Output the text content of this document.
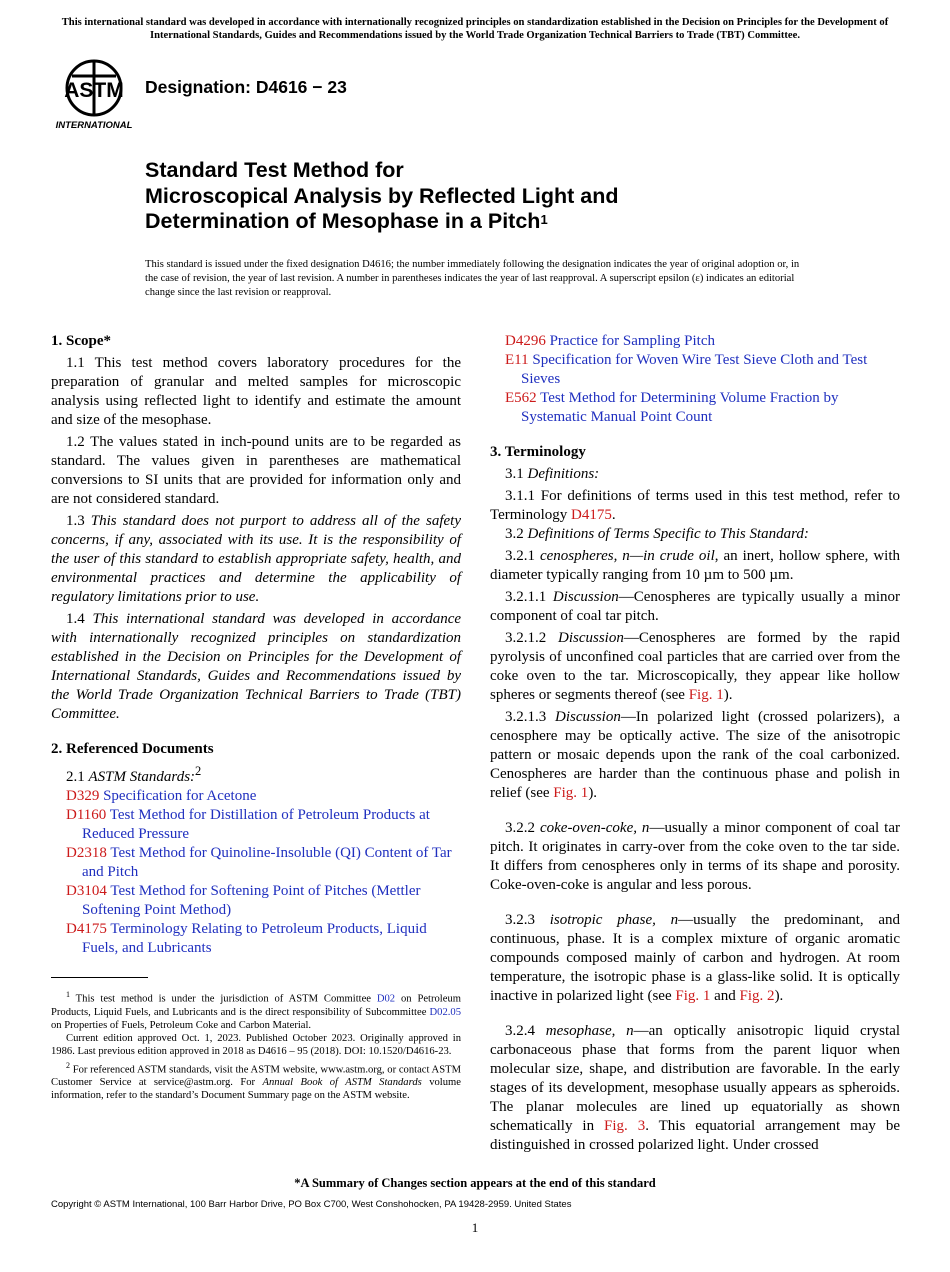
This international standard was developed in accordance with internationally recognized principles on standardization established in the Decision on Principles for the Development of International Standards, Guides and Recommendations issued by the World Trade Organization Technical Barriers to Trade (TBT) Committee.
ASTM
INTERNATIONAL
Designation: D4616 − 23
Standard Test Method for
Microscopical Analysis by Reflected Light and
Determination of Mesophase in a Pitch$^1$
This standard is issued under the fixed designation D4616; the number immediately following the designation indicates the year of original adoption or, in the case of revision, the year of last revision. A number in parentheses indicates the year of last reapproval. A superscript epsilon (ε) indicates an editorial change since the last revision or reapproval.
1. Scope*

1.1 This test method covers laboratory procedures for the preparation of granular and melted samples for microscopic analysis using reflected light to identify and estimate the amount and size of the mesophase.

1.2 The values stated in inch-pound units are to be regarded as standard. The values given in parentheses are mathematical conversions to SI units that are provided for information only and are not considered standard.

1.3 This standard does not purport to address all of the safety concerns, if any, associated with its use. It is the responsibility of the user of this standard to establish appropriate safety, health, and environmental practices and determine the applicability of regulatory limitations prior to use.

1.4 This international standard was developed in accordance with internationally recognized principles on standardization established in the Decision on Principles for the Development of International Standards, Guides and Recommendations issued by the World Trade Organization Technical Barriers to Trade (TBT) Committee.

2. Referenced Documents

2.1 ASTM Standards:$^2$

D329 Specification for Acetone

D1160 Test Method for Distillation of Petroleum Products at Reduced Pressure

D2318 Test Method for Quinoline-Insoluble (QI) Content of Tar and Pitch

D3104 Test Method for Softening Point of Pitches (Mettler Softening Point Method)

D4175 Terminology Relating to Petroleum Products, Liquid Fuels, and Lubricants

$^1$ This test method is under the jurisdiction of ASTM Committee D02 on Petroleum Products, Liquid Fuels, and Lubricants and is the direct responsibility of Subcommittee D02.05 on Properties of Fuels, Petroleum Coke and Carbon Material.

Current edition approved Oct. 1, 2023. Published October 2023. Originally approved in 1986. Last previous edition approved in 2018 as D4616 – 95 (2018). DOI: 10.1520/D4616-23.

$^2$ For referenced ASTM standards, visit the ASTM website, www.astm.org, or contact ASTM Customer Service at service@astm.org. For Annual Book of ASTM Standards volume information, refer to the standard’s Document Summary page on the ASTM website.

D4296 Practice for Sampling Pitch

E11 Specification for Woven Wire Test Sieve Cloth and Test Sieves

E562 Test Method for Determining Volume Fraction by Systematic Manual Point Count

3. Terminology

3.1 Definitions:

3.1.1 For definitions of terms used in this test method, refer to Terminology D4175.

3.2 Definitions of Terms Specific to This Standard:

3.2.1 cenospheres, n—in crude oil, an inert, hollow sphere, with diameter typically ranging from 10 µm to 500 µm.

3.2.1.1 Discussion—Cenospheres are typically usually a minor component of coal tar pitch.

3.2.1.2 Discussion—Cenospheres are formed by the rapid pyrolysis of unconfined coal particles that are carried over from the coke oven to the tar. Microscopically, they appear like hollow spheres or segments thereof (see Fig. 1).

3.2.1.3 Discussion—In polarized light (crossed polarizers), a cenosphere may be optically active. The size of the anisotropic pattern or mosaic depends upon the rank of the coal carbonized. Cenospheres are harder than the continuous phase and polish in relief (see Fig. 1).

3.2.2 coke-oven-coke, n—usually a minor component of coal tar pitch. It originates in carry-over from the coke oven to the tar side. It differs from cenospheres only in terms of its shape and porosity. Coke-oven-coke is angular and less porous.

3.2.3 isotropic phase, n—usually the predominant, and continuous, phase. It is a complex mixture of organic aromatic compounds composed mainly of carbon and hydrogen. At room temperature, the isotropic phase is a glass-like solid. It is optically inactive in polarized light (see Fig. 1 and Fig. 2).

3.2.4 mesophase, n—an optically anisotropic liquid crystal carbonaceous phase that forms from the parent liquor when molecular size, shape, and distribution are favorable. In the early stages of its development, mesophase usually appears as spheroids. The planar molecules are lined up equatorially as shown schematically in Fig. 3. This equatorial arrangement may be distinguished in crossed polarized light. Under crossed

*A Summary of Changes section appears at the end of this standard
Copyright © ASTM International, 100 Barr Harbor Drive, PO Box C700, West Conshohocken, PA 19428-2959. United States
1
